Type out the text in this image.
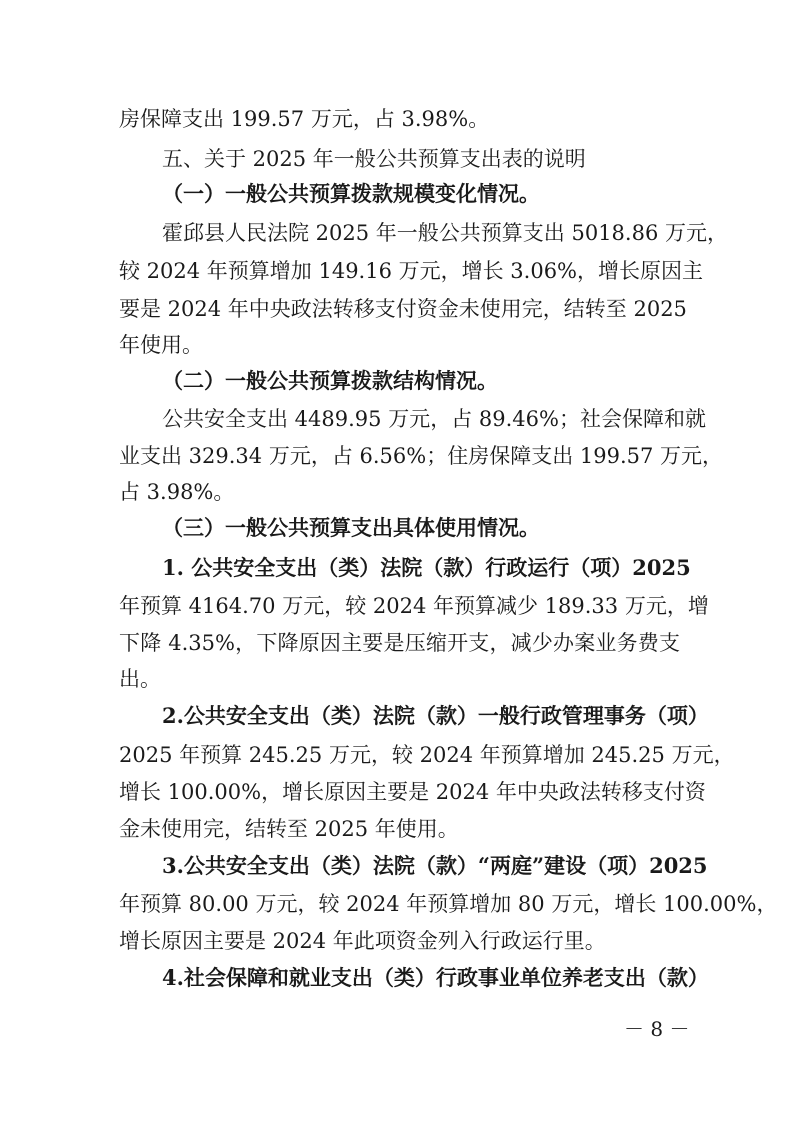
房保障支出 199.57 万元，占 3.98%。
五、关于 2025 年一般公共预算支出表的说明
（一）一般公共预算拨款规模变化情况。
霍邱县人民法院 2025 年一般公共预算支出 5018.86 万元，
较 2024 年预算增加 149.16 万元，增长 3.06%，增长原因主
要是 2024 年中央政法转移支付资金未使用完，结转至 2025
年使用。
（二）一般公共预算拨款结构情况。
公共安全支出 4489.95 万元，占 89.46%；社会保障和就
业支出 329.34 万元，占 6.56%；住房保障支出 199.57 万元，
占 3.98%。
（三）一般公共预算支出具体使用情况。
1. 公共安全支出（类）法院（款）行政运行（项）2025
年预算 4164.70 万元，较 2024 年预算减少 189.33 万元，增
下降 4.35%，下降原因主要是压缩开支，减少办案业务费支
出。
2.公共安全支出（类）法院（款）一般行政管理事务（项）
2025 年预算 245.25 万元，较 2024 年预算增加 245.25 万元，
增长 100.00%，增长原因主要是 2024 年中央政法转移支付资
金未使用完，结转至 2025 年使用。
3.公共安全支出（类）法院（款）“两庭”建设（项）2025
年预算 80.00 万元，较 2024 年预算增加 80 万元，增长 100.00%，
增长原因主要是 2024 年此项资金列入行政运行里。
4.社会保障和就业支出（类）行政事业单位养老支出（款）
－ 8 －
